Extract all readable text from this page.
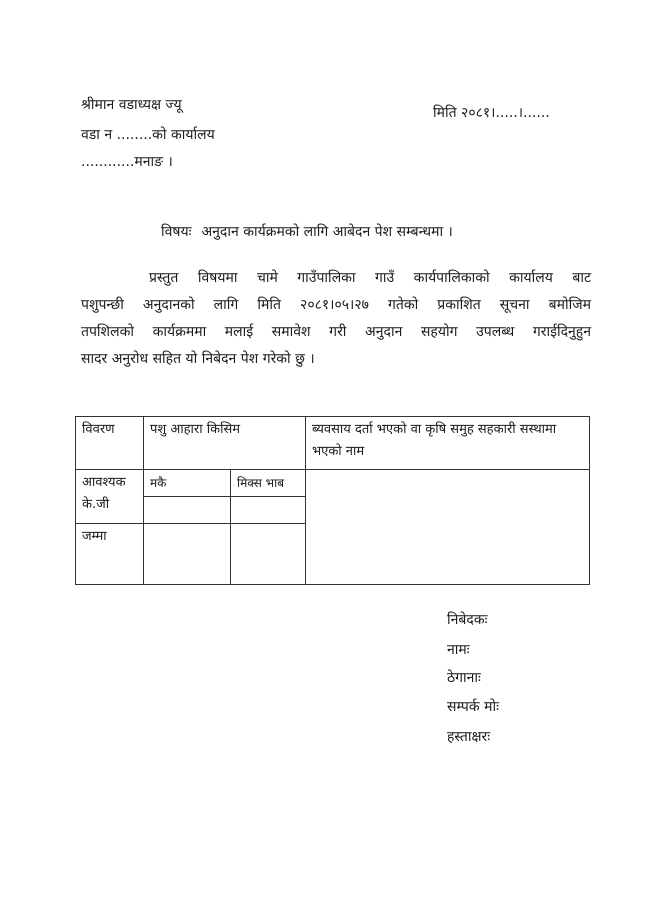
श्रीमान वडाध्यक्ष ज्यू
वडा न ........को कार्यालय
............मनाङ ।
मिति २०८१।.....।......
विषयः अनुदान कार्यक्रमको लागि आबेदन पेश सम्बन्धमा ।
प्रस्तुत विषयमा चामे गाउँपालिका गाउँ कार्यपालिकाको कार्यालय बाट
पशुपन्छी अनुदानको लागि मिति २०८१।०५।२७ गतेको प्रकाशित सूचना बमोजिम
तपशिलको कार्यक्रममा मलाई समावेश गरी अनुदान सहयोग उपलब्ध गराईदिनुहुन
सादर अनुरोध सहित यो निबेदन पेश गरेको छु ।
विवरण	पशु आहारा किसिम		ब्यवसाय दर्ता भएको वा कृषि समुह सहकारी सस्थामा भएको नाम
आवश्यक के.जी	मकै	मिक्स भाब	

जम्मा			
निबेदकः
नामः
ठेगानाः
सम्पर्क मोः
हस्ताक्षरः
